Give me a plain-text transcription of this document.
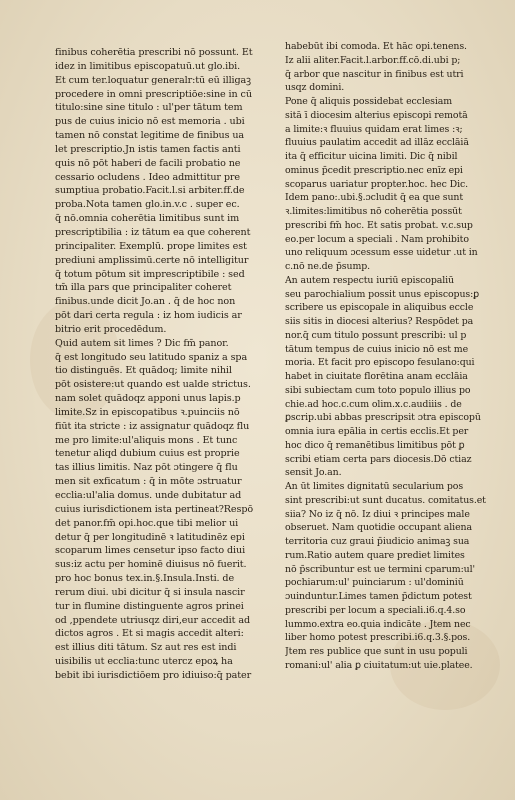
finibus coherētia prescribi nō possunt. Et
idez in limitibus episcopatuū.ut glo.ibi.
Et cum ter.loquatur generalr:tū eū illigaꝫ
procedere in omni prescriptiōe:sine in cū
titulo:sine sine titulo : ul'per tātum tem
pus de cuius inicio nō est memoria . ubi
tamen nō constat legitime de finibus ua
let prescriptio.Jn istis tamen factis anti
quis nō pōt haberi de facili probatio ne
cessario ocludens . Ideo admittitur pre
sumptiua probatio.Facit.l.si arbiter.ff.de
proba.Nota tamen glo.in.v.c . super ec.
q̄ nō.omnia coherētia limitibus sunt im
prescriptibilia : iz tātum ea que coherent
principaliter. Exemplū. prope limites est
prediuni amplissimū.certe nō intelligitur
q̄ totum pōtum sit imprescriptibile : sed
tm̄ illa pars que principaliter coheret
finibus.unde dicit Jo.an . q̄ de hoc non
pōt dari certa regula : iz hom iudicis ar
bitrio erit procedēdum.
Quid autem sit limes ? Dic fm̄ panor.
q̄ est longitudo seu latitudo spaniz a spa
tio distinguēs. Et quādoq; limite nihil
pōt osistere:ut quando est ualde strictus.
nam solet quādoqz apponi unus lapis.p
limite.Sz in episcopatibus ꝛ.puinciis nō
fiūt ita stricte : iz assignatur quādoqz flu
me pro limite:ul'aliquis mons . Et tunc
tenetur aliqd dubium cuius est proprie
tas illius limitis. Naz pōt ɔtingere q̄ flu
men sit exficatum : q̄ in mōte ɔstruatur
ecclia:ul'alia domus. unde dubitatur ad
cuius iurisdictionem ista pertineat?Respō
det panor.fm̄ opi.hoc.que tibi melior ui
detur q̄ per longitudinē ꝛ latitudinēz epi
scoparum limes censetur ipso facto diui
sus:iz actu per hominē diuisus nō fuerit.
pro hoc bonus tex.in.§.Insula.Insti. de
rerum diui. ubi dicitur q̄ si insula nascir
tur in flumine distinguente agros prinei
od ,ppendete utriusqz diri,eur accedit ad
dictos agros . Et si magis accedit alteri:
est illius diti tātum. Sz aut res est indi
uisibilis ut ecclia:tunc utercz epoꝝ ha
bebit ibi iurisdictiōem pro idiuiso:q̄ pater
habebūt ibi comoda. Et hāc opi.tenens.
Iz alii aliter.Facit.l.arbor.ff.cō.di.ubi p;
q̄ arbor que nascitur in finibus est utri
usqz domini.
Pone q̄ aliquis possidebat ecclesiam
sitā ī diocesim alterius episcopi remotā
a limite:ꝛ fluuius quidam erat limes :ꝛ;
fluuius paulatim accedit ad illāz ecclāiā
ita q̄ efficitur uicina limiti. Dic q̄ nibil
ominus p̄cedit prescriptio.nec enīz epi
scoparus uariatur propter.hoc. hec Dic.
Idem pano:.ubi.§.ɔcludit q̄ ea que sunt
ꝛ.limites:limitibus nō coherētia possūt
prescribi fm̄ hoc. Et satis probat. v.c.sup
eo.per locum a speciali . Nam prohibito
uno reliquum ɔcessum esse uidetur .ut in
c.nō ne.de p̄sump.
An autem respectu iuriū episcopaliū
seu parochialium possit unus episcopus:ꝑ
scribere us episcopale in aliquibus eccle
siis sitis in diocesi alterius? Respōdet pa
nor.q̄ cum titulo possunt prescribi: ul p
tātum tempus de cuius inicio nō est me
moria. Et facit pro episcopo fesulano:qui
habet in ciuitate florētina anam ecclāia
sibi subiectam cum toto populo illius po
chie.ad hoc.c.cum olim.x.c.audiiis . de
ꝑscrip.ubi abbas prescripsit ɔtra episcopū
omnia iura epālia in certis ecclis.Et per
hoc dico q̄ remanētibus limitibus pōt ꝑ
scribi etiam certa pars diocesis.Dō ctiaz
sensit Jo.an.
An ūt limites dignitatū secularium pos
sint prescribi:ut sunt ducatus. comitatus.et
siia? No iz q̄ nō. Iz diui ꝛ principes male
obseruet. Nam quotidie occupant aliena
territoria cuz graui p̄iudicio animaꝫ sua
rum.Ratio autem quare prediet limites
nō p̄scribuntur est ue termini cparum:ul'
pochiarum:ul' puinciarum : ul'dominiū
ɔuinduntur.Limes tamen p̄dictum potest
prescribi per locum a speciali.i6.q.4.so
lummo.extra eo.quia indicāte . Jtem nec
liber homo potest prescribi.i6.q.3.§.pos.
Jtem res publice que sunt in usu populi
romani:ul' alia ꝑ ciuitatum:ut uie.platee.
